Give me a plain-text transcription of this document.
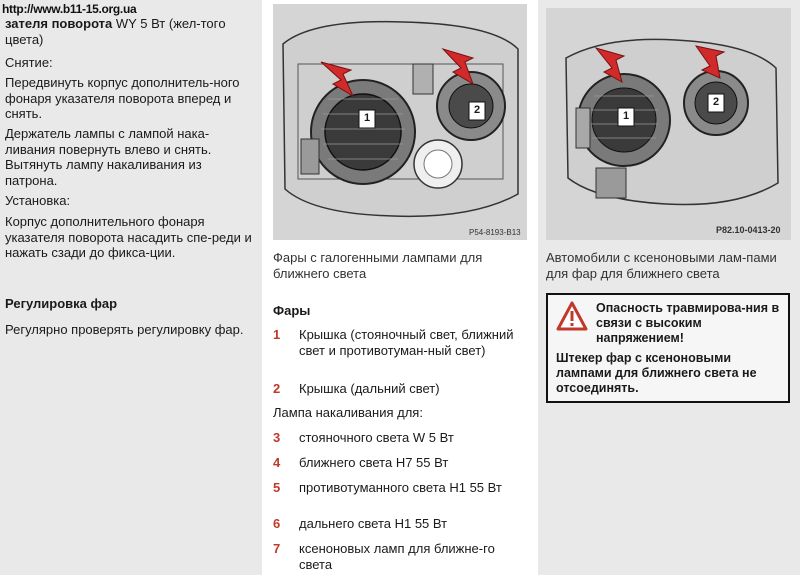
http://www.b11-15.org.ua
зателя поворота WY 5 Вт (жел-тогo цвета)
Снятие:
Передвинуть корпус дополнитель-ного фонаря указателя поворота вперед и снять.
Держатель лампы с лампой нака-ливания повернуть влево и снять. Вытянуть лампу накаливания из патрона.
Установка:
Корпус дополнительного фонаря указателя поворота насадить спе-реди и нажать сзади до фикса-ции.
Регулировка фар
Регулярно проверять регулировку фар.
1
2
P54-8193-B13
Фары с галогенными лампами для ближнего света
1
2
P82.10-0413-20
Автомобили с ксеноновыми лам-пами для фар для ближнего света
Фары
1 Крышка (стояночный свет, ближний свет и противотуман-ный свет)
2 Крышка (дальний свет)
Лампа накаливания для:
3 стояночного света W 5 Вт
4 ближнего света H7 55 Вт
5 противотуманного света H1 55 Вт
6 дальнего света H1 55 Вт
7 ксеноновых ламп для ближне-го света
Опасность травмирова-ния в связи с высоким напряжением!
Штекер фар с ксеноновыми лампами для ближнего света не отсоединять.
